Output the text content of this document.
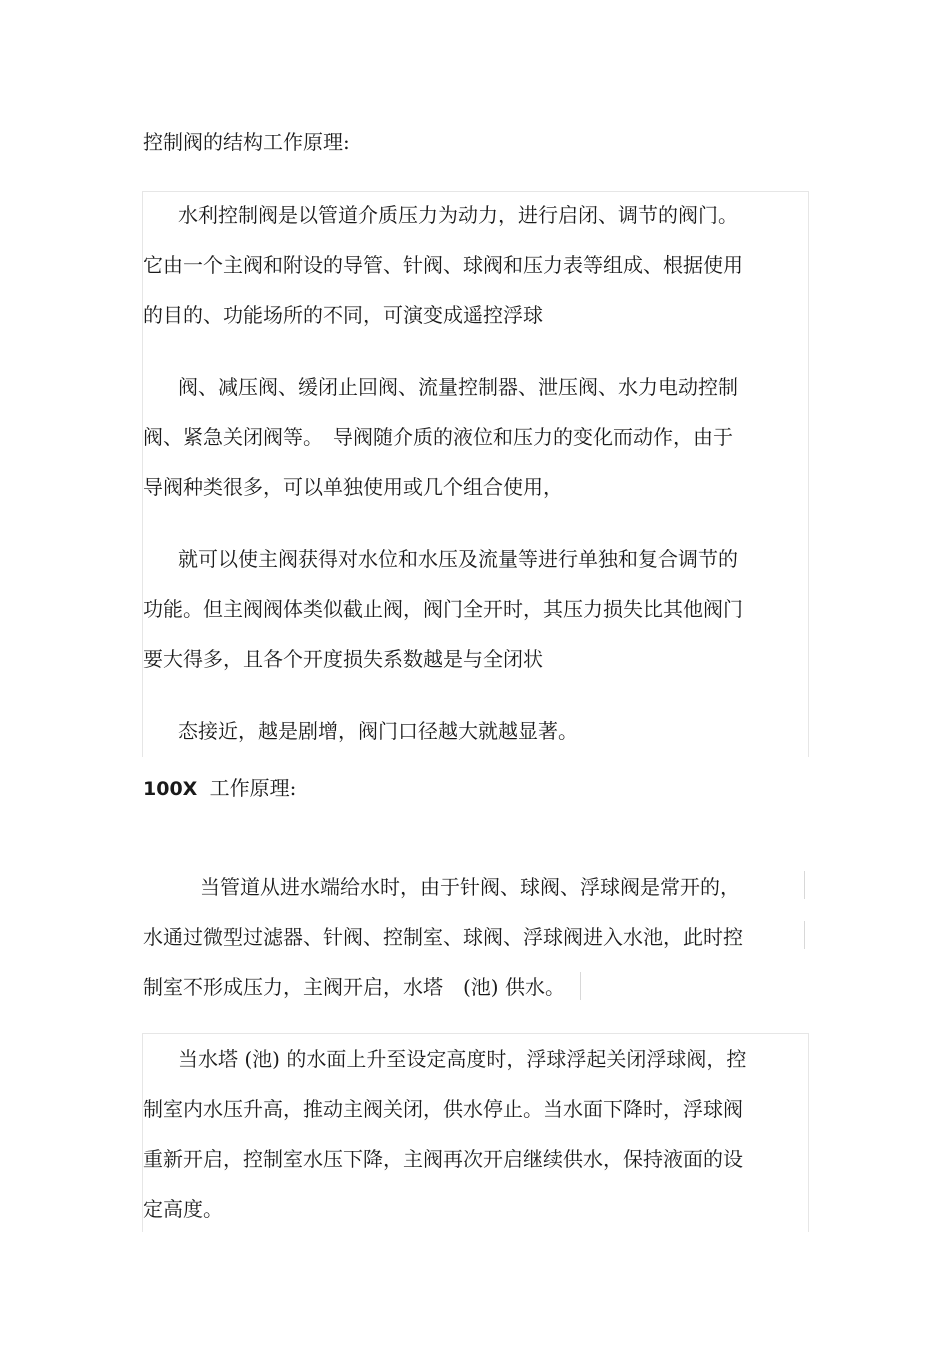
控制阀的结构工作原理:
水利控制阀是以管道介质压力为动力，进行启闭、调节的阀门。
它由一个主阀和附设的导管、针阀、球阀和压力表等组成、根据使用
的目的、功能场所的不同，可演变成遥控浮球
阀、减压阀、缓闭止回阀、流量控制器、泄压阀、水力电动控制
阀、紧急关闭阀等。　导阀随介质的液位和压力的变化而动作，由于
导阀种类很多，可以单独使用或几个组合使用，
就可以使主阀获得对水位和水压及流量等进行单独和复合调节的
功能。但主阀阀体类似截止阀，阀门全开时，其压力损失比其他阀门
要大得多，且各个开度损失系数越是与全闭状
态接近，越是剧增，阀门口径越大就越显著。
100X 工作原理:
当管道从进水端给水时，由于针阀、球阀、浮球阀是常开的，
水通过微型过滤器、针阀、控制室、球阀、浮球阀进入水池，此时控
制室不形成压力，主阀开启，水塔　(池) 供水。
当水塔 (池) 的水面上升至设定高度时，浮球浮起关闭浮球阀，控
制室内水压升高，推动主阀关闭，供水停止。当水面下降时，浮球阀
重新开启，控制室水压下降，主阀再次开启继续供水，保持液面的设
定高度。
